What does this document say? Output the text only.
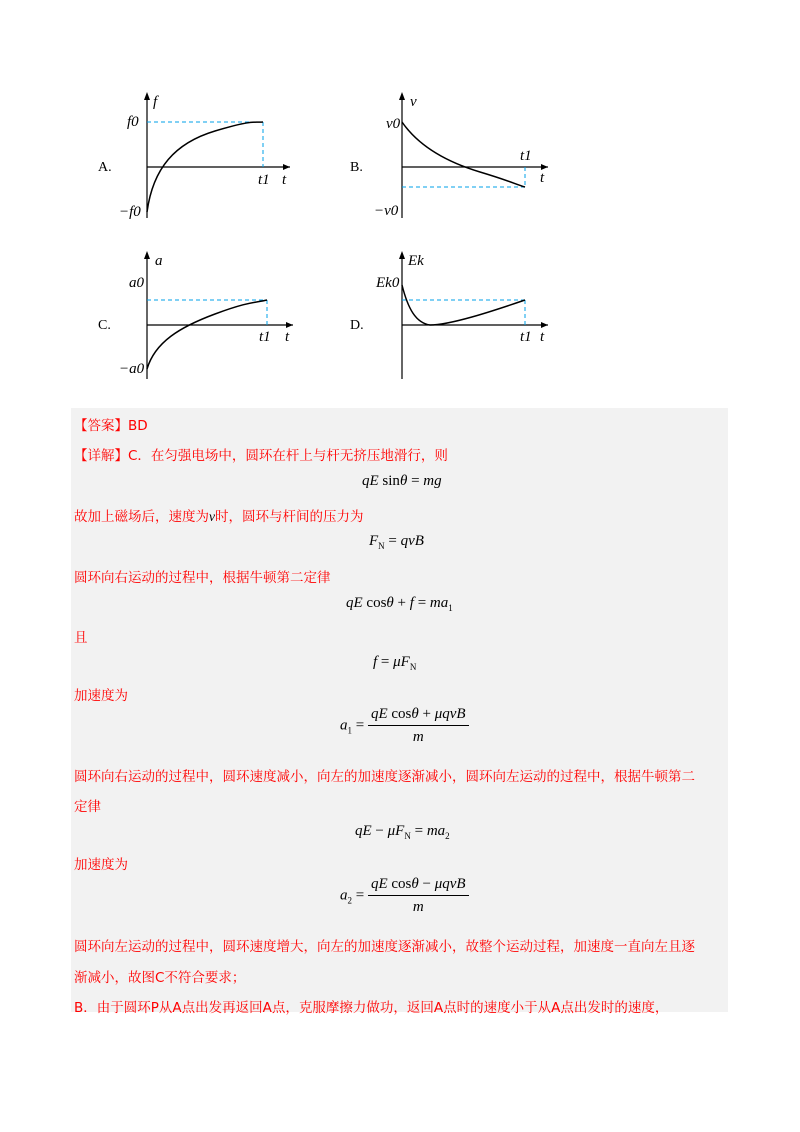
f
f0
−f0
t1 t
A.
v
v0
−v0
t1
t
B.
a
a0
−a0
t1 t
C.
Ek
Ek0
t1 t
D.
【答案】BD
【详解】C．在匀强电场中，圆环在杆上与杆无挤压地滑行，则
qE sinθ = mg
故加上磁场后，速度为v时，圆环与杆间的压力为
$F_N$ = qvB
圆环向右运动的过程中，根据牛顿第二定律
qE $\cos\theta + f = ma_1$
且
$f = \mu F_N$
加速度为
$a_1 = \frac{\text{qE cosθ + μqvB}}{m}$
圆环向右运动的过程中，圆环速度减小，向左的加速度逐渐减小，圆环向左运动的过程中，根据牛顿第二
定律
qE − $\mu F_N = ma_2$
加速度为
$a_2 = \frac{\text{qE cosθ − μqvB}}{m}$
圆环向左运动的过程中，圆环速度增大，向左的加速度逐渐减小，故整个运动过程，加速度一直向左且逐
渐减小，故图C不符合要求；
B．由于圆环P从A点出发再返回A点，克服摩擦力做功，返回A点时的速度小于从A点出发时的速度，
